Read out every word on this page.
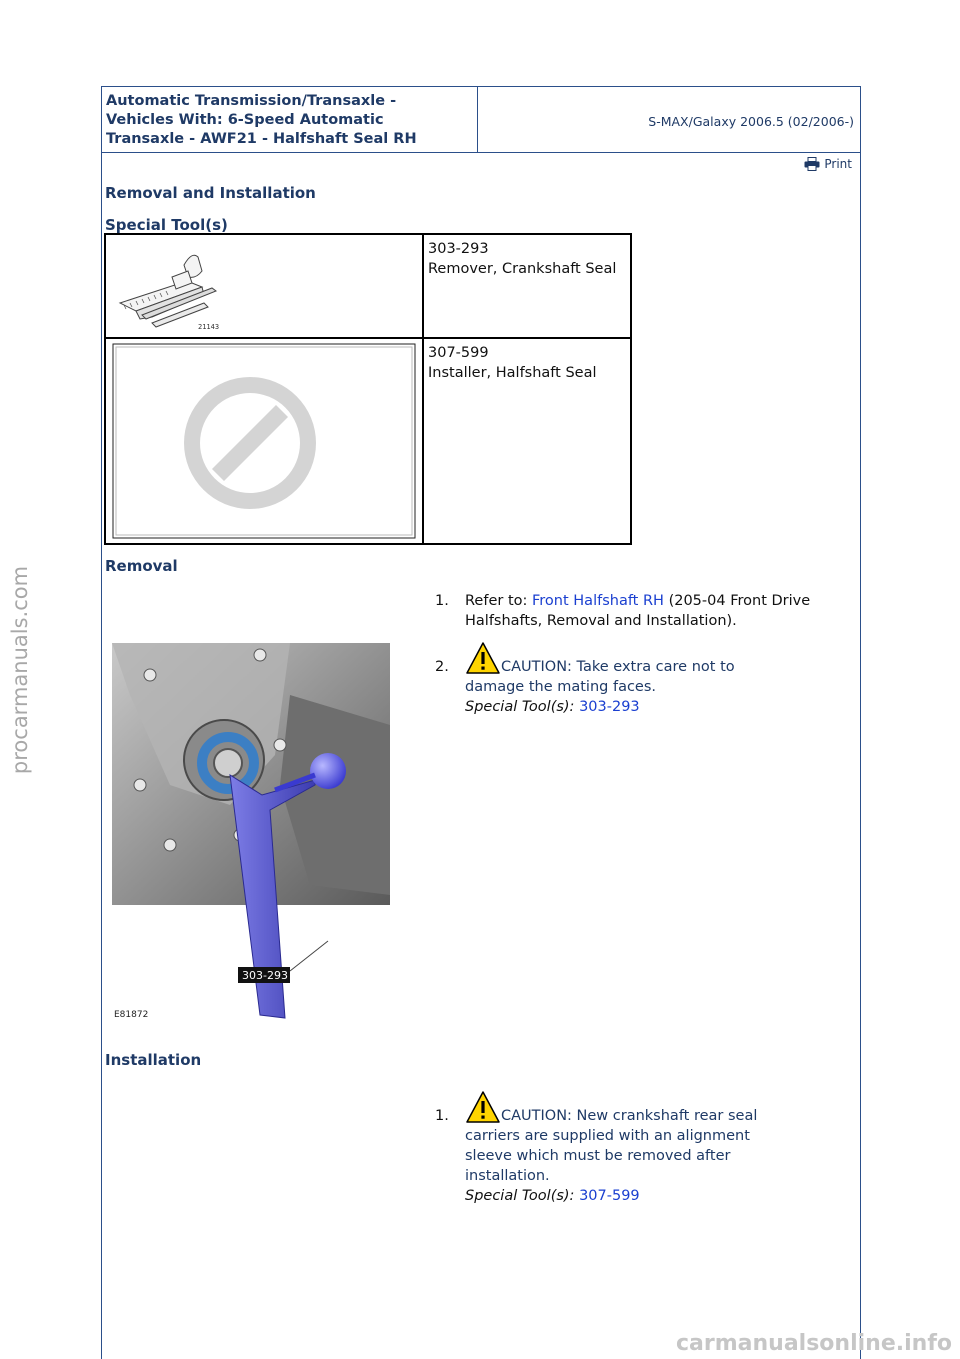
Automatic Transmission/Transaxle -
Vehicles With: 6-Speed Automatic
Transaxle - AWF21 - Halfshaft Seal RH
S-MAX/Galaxy 2006.5 (02/2006-)
Print
Removal and Installation
Special Tool(s)
21143
303-293
Remover, Crankshaft Seal
307-599
Installer, Halfshaft Seal
Removal
1. Refer to: Front Halfshaft RH (205-04 Front Drive
Halfshafts, Removal and Installation).
2.	CAUTION: Take extra care not to
damage the mating faces.
Special Tool(s): 303-293
303-293
E81872
Installation
1.	CAUTION: New crankshaft rear seal
carriers are supplied with an alignment
sleeve which must be removed after
installation.
Special Tool(s): 307-599
procarmanuals.com
carmanualsonline.info
